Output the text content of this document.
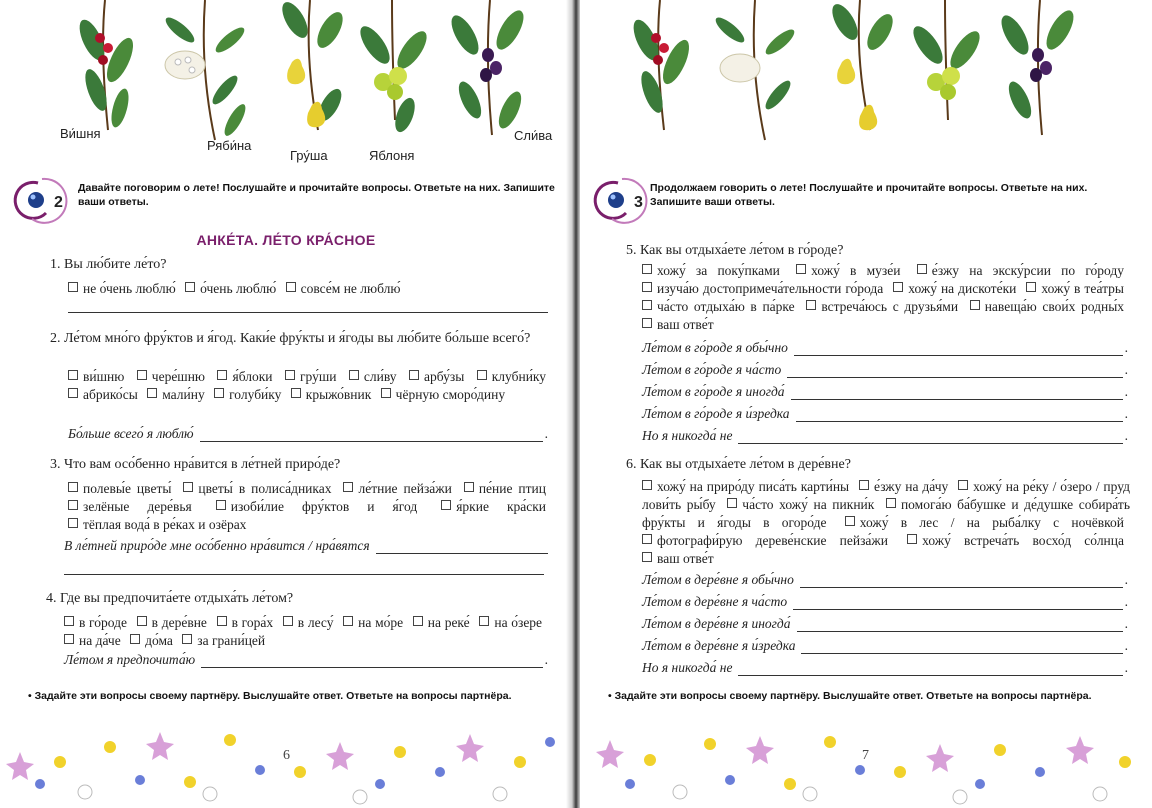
Ви́шня
Ряби́на
Гру́ша	Яблоня
Сли́ва
2
Давайте поговорим о лете! Послушайте и прочитайте вопросы. Ответьте на них. Запишите ваши ответы.
АНКЕ́ТА. ЛЕ́ТО КРА́СНОЕ
1. Вы лю́бите ле́то?
не о́чень люблю́ о́чень люблю́ совсе́м не люблю́
2. Ле́том мно́го фру́ктов и я́год. Каки́е фру́кты и я́годы вы лю́бите бо́льше всего́?
ви́шню чере́шню я́блоки гру́ши сли́ву арбу́зы клубни́ку абрико́сы мали́ну голуби́ку крыжо́вник чёрную сморо́дину
Бо́льше всего́ я люблю́	.
3. Что вам осо́бенно нра́вится в ле́тней приро́де?
полевы́е цветы́ цветы́ в полиса́дниках ле́тние пейза́жи пе́ние птиц зелёные дере́вья	изоби́лие фру́ктов и я́год	я́ркие кра́ски тёплая вода́ в ре́ках и озёрах
В ле́тней приро́де мне осо́бенно нра́вится / нра́вятся
4. Где вы предпочита́ете отдыха́ть ле́том?
в го́роде в дере́вне в гора́х в лесу́ на мо́ре на реке́ на о́зере на да́че до́ма за грани́цей
Ле́том я предпочита́ю	.
• Задайте эти вопросы своему партнёру. Выслушайте ответ. Ответьте на вопросы партнёра.
6
3
Продолжаем говорить о лете! Послушайте и прочитайте вопросы. Ответьте на них. Запишите ваши ответы.
5. Как вы отдыха́ете ле́том в го́роде?
хожу́ за поку́пками хожу́ в музе́и е́зжу на экску́рсии по го́роду изуча́ю достопримеча́тельности го́рода хожу́ на дискоте́ки хожу́ в теа́тры ча́сто отдыха́ю в па́рке встреча́юсь с друзья́ми навеща́ю свои́х родны́х ваш отве́т
Ле́том в го́роде я обы́чно	.
Ле́том в го́роде я ча́сто	.
Ле́том в го́роде я иногда́	.
Ле́том в го́роде я и́зредка	.
Но я никогда́ не	.
6. Как вы отдыха́ете ле́том в дере́вне?
хожу́ на приро́ду писа́ть карти́ны е́зжу на да́чу хожу́ на ре́ку / о́зеро / пруд лови́ть ры́бу ча́сто хожу́ на пикни́к помога́ю ба́бушке и де́душке собира́ть фру́кты и я́годы в огоро́де хожу́ в лес / на рыба́лку с ночёвкой фотографи́рую дереве́нские пейза́жи	хожу́ встреча́ть восхо́д со́лнца ваш отве́т
Ле́том в дере́вне я обы́чно	.
Ле́том в дере́вне я ча́сто	.
Ле́том в дере́вне я иногда́	.
Ле́том в дере́вне я и́зредка	.
Но я никогда́ не	.
• Задайте эти вопросы своему партнёру. Выслушайте ответ. Ответьте на вопросы партнёра.
7
